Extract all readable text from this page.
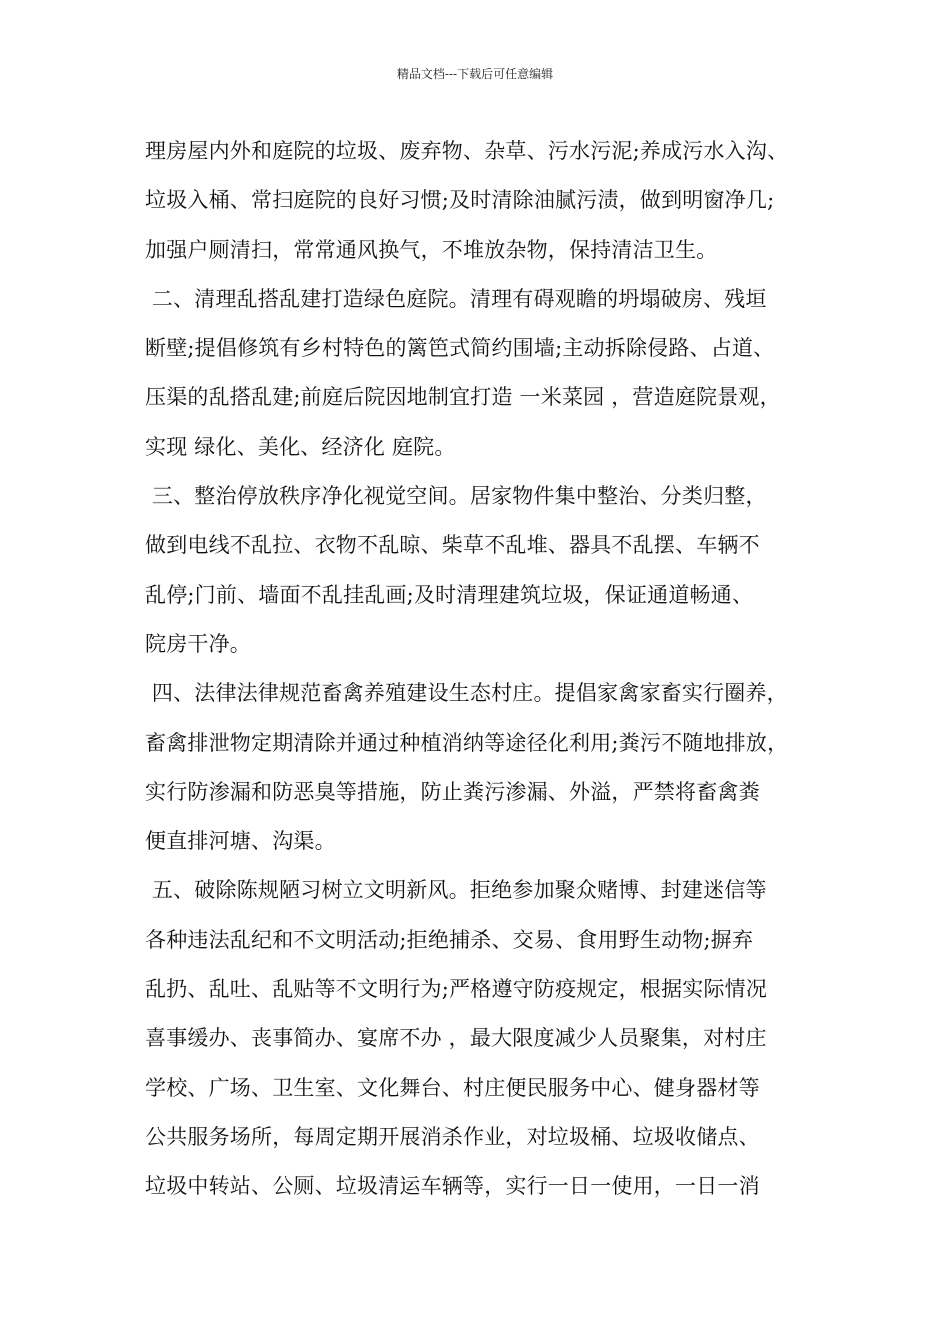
精品文档---下载后可任意编辑
理房屋内外和庭院的垃圾、废弃物、杂草、污水污泥;养成污水入沟、
垃圾入桶、常扫庭院的良好习惯;及时清除油腻污渍，做到明窗净几;
加强户厕清扫，常常通风换气，不堆放杂物，保持清洁卫生。
二、清理乱搭乱建打造绿色庭院。清理有碍观瞻的坍塌破房、残垣
断壁;提倡修筑有乡村特色的篱笆式简约围墙;主动拆除侵路、占道、
压渠的乱搭乱建;前庭后院因地制宜打造 一米菜园 ，营造庭院景观，
实现 绿化、美化、经济化 庭院。
三、整治停放秩序净化视觉空间。居家物件集中整治、分类归整，
做到电线不乱拉、衣物不乱晾、柴草不乱堆、器具不乱摆、车辆不
乱停;门前、墙面不乱挂乱画;及时清理建筑垃圾，保证通道畅通、
院房干净。
四、法律法律规范畜禽养殖建设生态村庄。提倡家禽家畜实行圈养，
畜禽排泄物定期清除并通过种植消纳等途径化利用;粪污不随地排放，
实行防渗漏和防恶臭等措施，防止粪污渗漏、外溢，严禁将畜禽粪
便直排河塘、沟渠。
五、破除陈规陋习树立文明新风。拒绝参加聚众赌博、封建迷信等
各种违法乱纪和不文明活动;拒绝捕杀、交易、食用野生动物;摒弃
乱扔、乱吐、乱贴等不文明行为;严格遵守防疫规定，根据实际情况
喜事缓办、丧事简办、宴席不办 ，最大限度减少人员聚集，对村庄
学校、广场、卫生室、文化舞台、村庄便民服务中心、健身器材等
公共服务场所，每周定期开展消杀作业，对垃圾桶、垃圾收储点、
垃圾中转站、公厕、垃圾清运车辆等，实行一日一使用，一日一消
